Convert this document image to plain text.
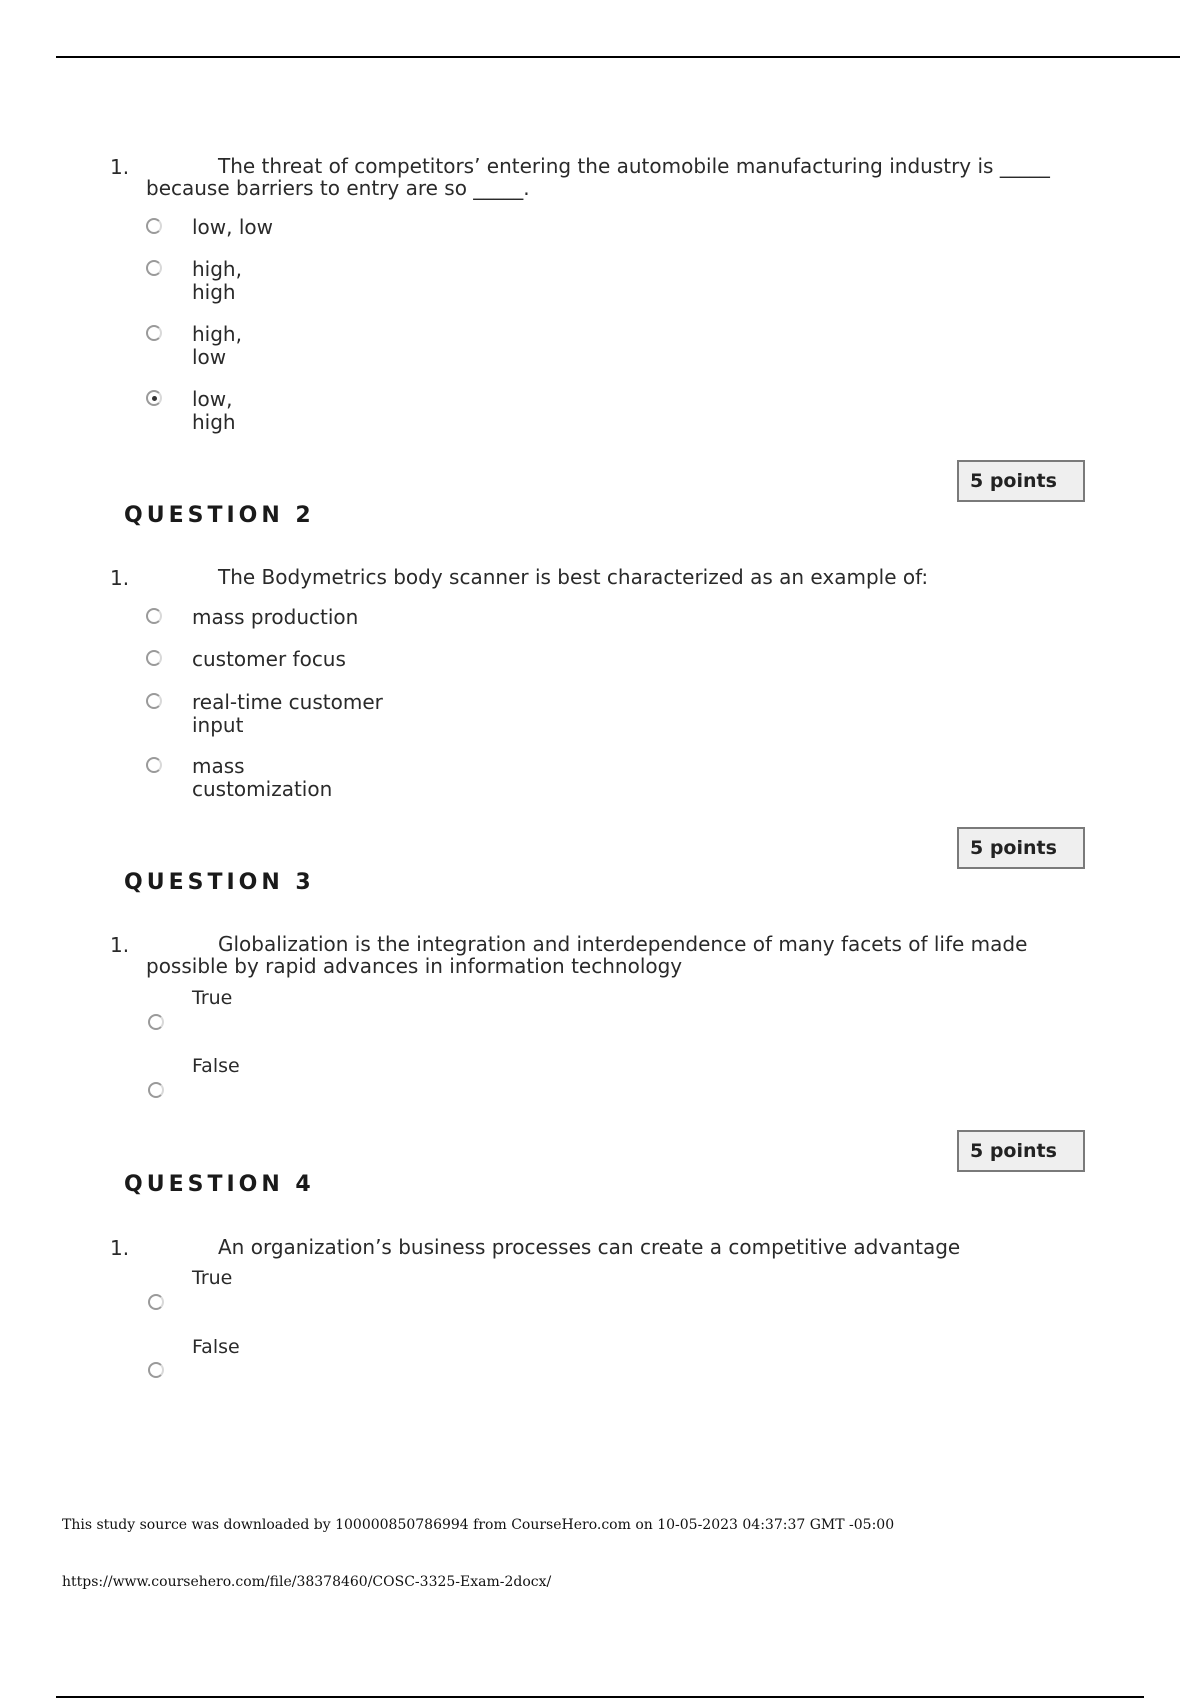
1.	The threat of competitors’ entering the automobile manufacturing industry is _____
because barriers to entry are so _____.
low, low
high,
high
high,
low
low,
high
5 points
QUESTION 2
1.	The Bodymetrics body scanner is best characterized as an example of:
mass production
customer focus
real-time customer
input
mass
customization
5 points
QUESTION 3
1.	Globalization is the integration and interdependence of many facets of life made
possible by rapid advances in information technology
True
False
5 points
QUESTION 4
1.	An organization’s business processes can create a competitive advantage
True
False
This study source was downloaded by 100000850786994 from CourseHero.com on 10-05-2023 04:37:37 GMT -05:00
https://www.coursehero.com/file/38378460/COSC-3325-Exam-2docx/
